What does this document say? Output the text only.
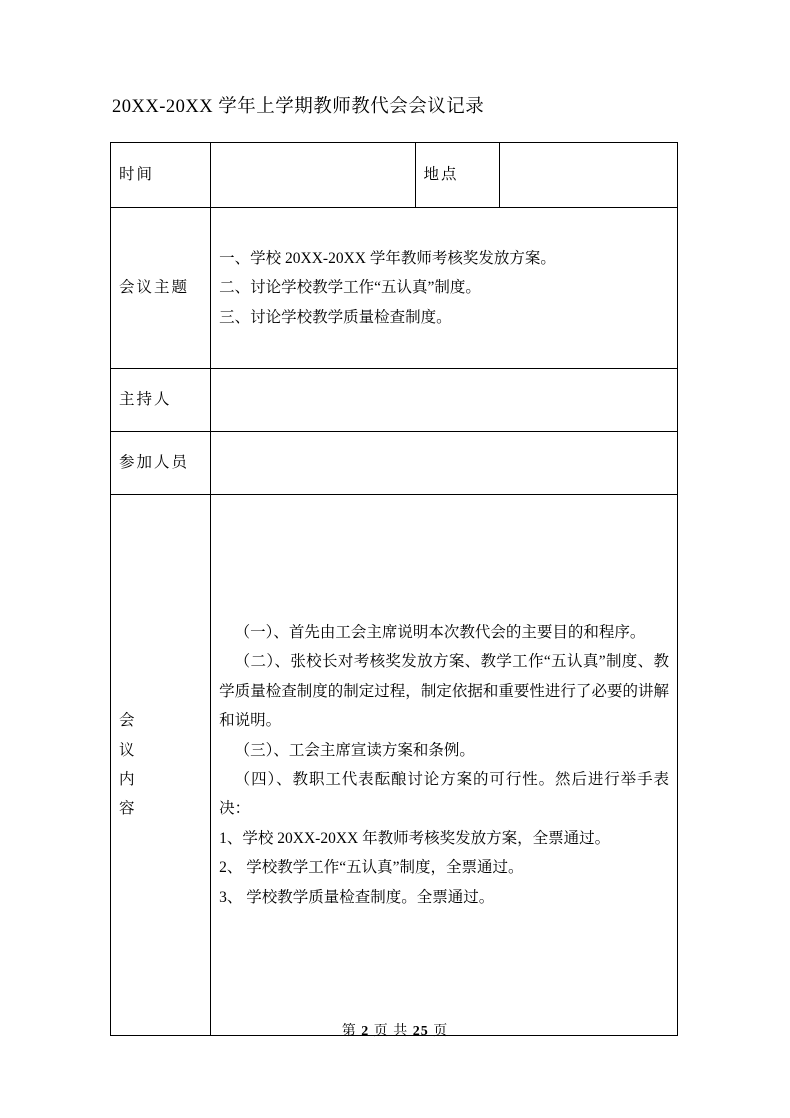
20XX-20XX 学年上学期教师教代会会议记录
时间		地点	
会议主题	一、学校 20XX-20XX 学年教师考核奖发放方案。

二、讨论学校教学工作“五认真”制度。

三、讨论学校教学质量检查制度。		

主持人			
参加人员			

会
议
内
容

（一）、首先由工会主席说明本次教代会的主要目的和程序。

（二）、张校长对考核奖发放方案、教学工作“五认真”制度、教学质量检查制度的制定过程，制定依据和重要性进行了必要的讲解和说明。

（三）、工会主席宣读方案和条例。

（四）、教职工代表酝酿讨论方案的可行性。然后进行举手表决：

1、学校 20XX-20XX 年教师考核奖发放方案，全票通过。

2、 学校教学工作“五认真”制度，全票通过。

3、 学校教学质量检查制度。全票通过。

第 2 页 共 25 页
